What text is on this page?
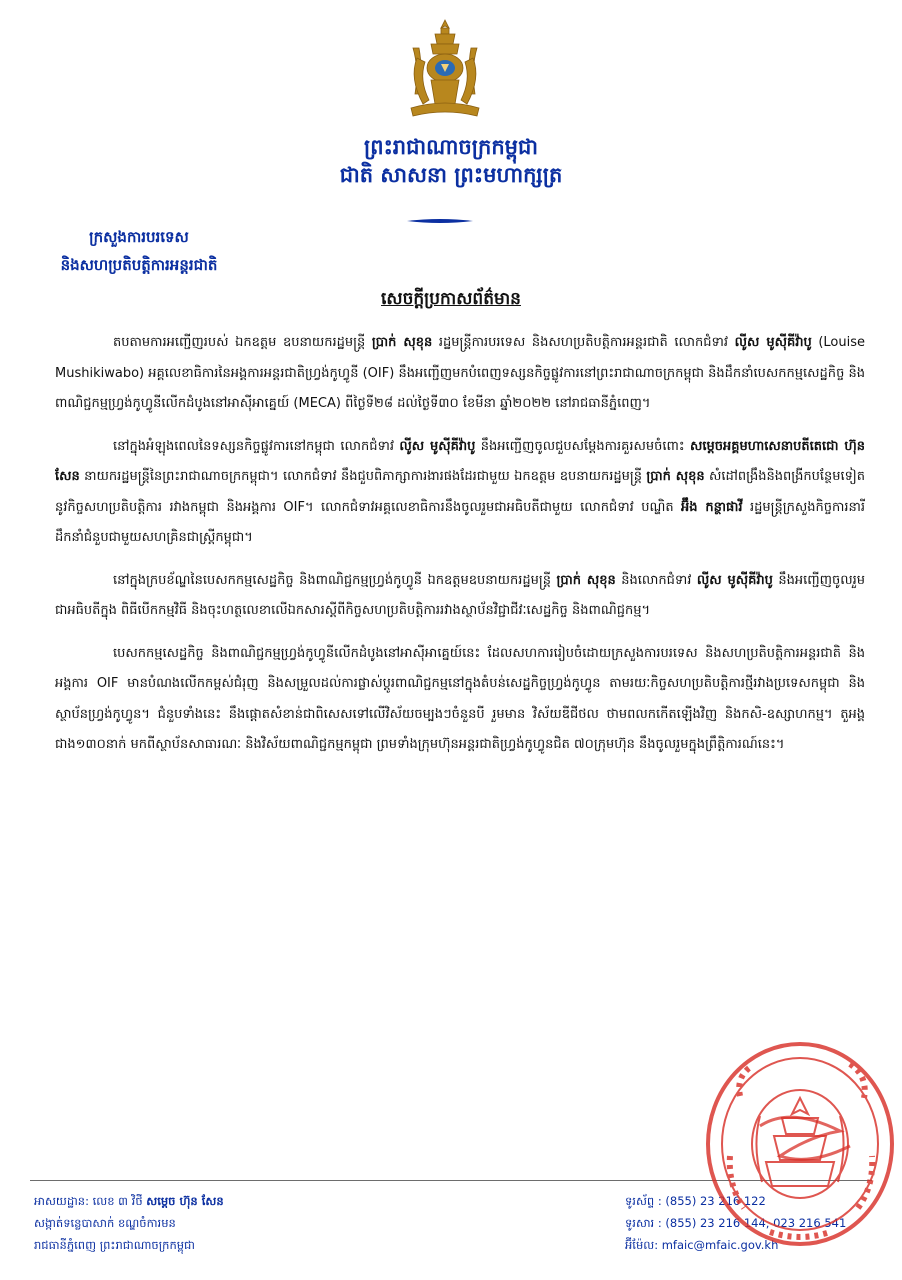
ព្រះរាជាណាចក្រកម្ពុជា
ជាតិ សាសនា ព្រះមហាក្សត្រ
ក្រសួងការបរទេស
និងសហប្រតិបត្តិការអន្តរជាតិ
សេចក្តីប្រកាសព័ត៌មាន

តបតាមការអញ្ជើញរបស់ ឯកឧត្តម ឧបនាយករដ្ឋមន្ត្រី ប្រាក់ សុខុន រដ្ឋមន្ត្រីការបរទេស និងសហប្រតិបត្តិការអន្តរជាតិ លោកជំទាវ លូីស មូស៊ីគីវ៉ាបូ (Louise Mushikiwabo) អគ្គលេខាធិការនៃអង្គការអន្តរជាតិហ្វ្រង់កូហ្វូនី (OIF) នឹងអញ្ជើញមកបំពេញទស្សនកិច្ចផ្លូវការនៅព្រះរាជាណាចក្រកម្ពុជា និងដឹកនាំបេសកកម្មសេដ្ឋកិច្ច និងពាណិជ្ជកម្មហ្វ្រង់កូហ្វូនីលើកដំបូងនៅអាស៊ីអាគ្នេយ៍ (MECA) ពីថ្ងៃទី២៨ ដល់ថ្ងៃទី៣០ ខែមីនា ឆ្នាំ២០២២ នៅរាជធានីភ្នំពេញ។

នៅក្នុងអំឡុងពេលនៃទស្សនកិច្ចផ្លូវការនៅកម្ពុជា លោកជំទាវ លូីស មូស៊ីគីវ៉ាបូ នឹងអញ្ជើញចូលជួបសម្តែងការគួរសមចំពោះ សម្តេចអគ្គមហាសេនាបតីតេជោ ហ៊ុន សែន នាយករដ្ឋមន្ត្រីនៃព្រះរាជាណាចក្រកម្ពុជា។ លោកជំទាវ នឹងជួបពិភាក្សាការងារផងដែរជាមួយ ឯកឧត្តម ឧបនាយករដ្ឋមន្ត្រី ប្រាក់ សុខុន សំដៅពង្រឹងនិងពង្រីកបន្ថែមទៀតនូវកិច្ចសហប្រតិបត្តិការ រវាងកម្ពុជា និងអង្គការ OIF។ លោកជំទាវអគ្គលេខាធិការនឹងចូលរួមជាអធិបតីជាមួយ លោកជំទាវ បណ្ឌិត អ៊ឹង កន្ថាផាវី រដ្ឋមន្ត្រីក្រសួងកិច្ចការនារី ដឹកនាំជំនួបជាមួយសហគ្រិនជាស្ត្រីកម្ពុជា។

នៅក្នុងក្របខ័ណ្ឌនៃបេសកកម្មសេដ្ឋកិច្ច និងពាណិជ្ជកម្មហ្វ្រង់កូហ្វូនី ឯកឧត្តមឧបនាយករដ្ឋមន្ត្រី ប្រាក់ សុខុន និងលោកជំទាវ លូីស មូស៊ីគីវ៉ាបូ នឹងអញ្ជើញចូលរួមជាអធិបតីក្នុង ពិធីបើកកម្មវិធី និងចុះហត្ថលេខាលើឯកសារស្តីពីកិច្ចសហប្រតិបត្តិការរវាងស្ថាប័នវិជ្ជាជីវៈសេដ្ឋកិច្ច និងពាណិជ្ជកម្ម។

បេសកកម្មសេដ្ឋកិច្ច និងពាណិជ្ជកម្មហ្វ្រង់កូហ្វូនីលើកដំបូងនៅអាស៊ីអាគ្នេយ៍នេះ ដែលសហការរៀបចំដោយក្រសួងការបរទេស និងសហប្រតិបត្តិការអន្តរជាតិ និងអង្គការ OIF មានបំណងលើកកម្ពស់ជំរុញ និងសម្រួលដល់ការផ្លាស់ប្តូរពាណិជ្ជកម្មនៅក្នុងតំបន់សេដ្ឋកិច្ចហ្វ្រង់កូហ្វូន តាមរយៈកិច្ចសហប្រតិបត្តិការថ្មីរវាងប្រទេសកម្ពុជា និងស្ថាប័នហ្វ្រង់កូហ្វូន។ ជំនួបទាំងនេះ នឹងផ្តោតសំខាន់ជាពិសេសទៅលើវិស័យចម្បងៗចំនួនបី រួមមាន វិស័យឌីជីថល ថាមពលកកើតឡើងវិញ និងកសិ-ឧស្សាហកម្ម។ តួអង្គជាង១៣០នាក់ មកពីស្ថាប័នសាធារណៈ និងវិស័យពាណិជ្ជកម្មកម្ពុជា ព្រមទាំងក្រុមហ៊ុនអន្តរជាតិហ្វ្រង់កូហ្វូនជិត ៧០ក្រុមហ៊ុន នឹងចូលរួមក្នុងព្រឹត្តិការណ៍នេះ។

អាសយដ្ឋាន: លេខ ៣ វិថី សម្តេច ហ៊ុន សែន
សង្កាត់ទន្លេបាសាក់ ខណ្ឌចំការមន
រាជធានីភ្នំពេញ ព្រះរាជាណាចក្រកម្ពុជា
ទូរស័ព្ទ : (855) 23 216 122
ទូរសារ : (855) 23 216 144, 023 216 541
អ៊ីម៉ែល: mfaic@mfaic.gov.kh
